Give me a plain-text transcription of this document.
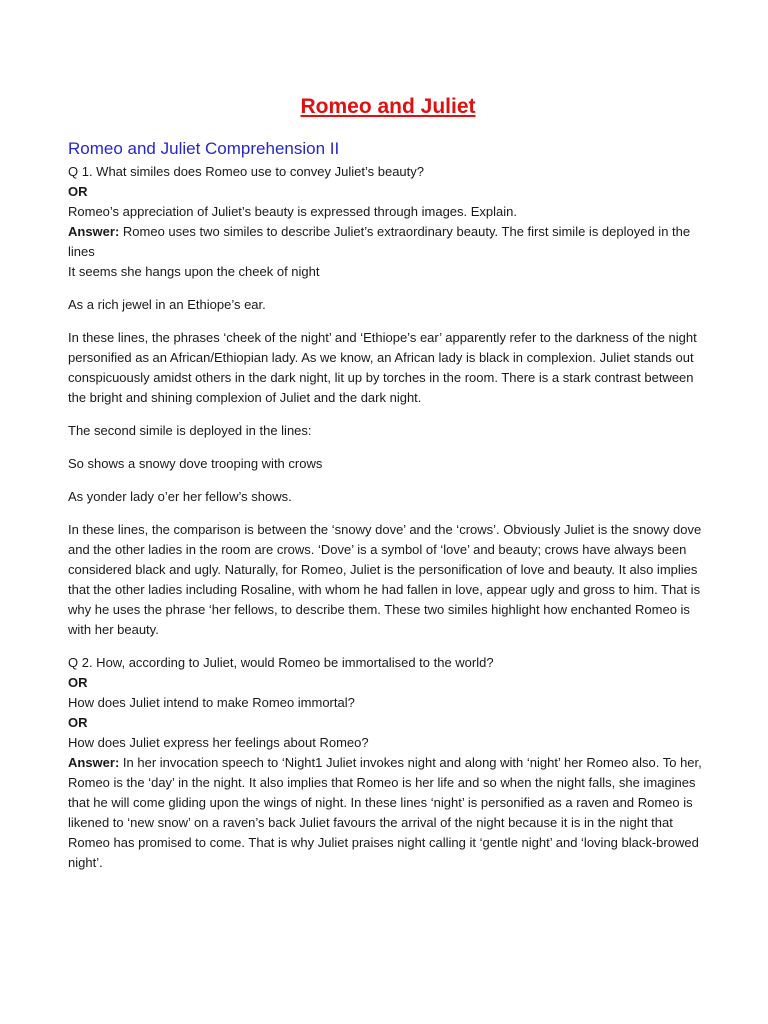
Romeo and Juliet
Romeo and Juliet Comprehension II

Q 1. What similes does Romeo use to convey Juliet’s beauty?

OR

Romeo’s appreciation of Juliet’s beauty is expressed through images. Explain.

Answer: Romeo uses two similes to describe Juliet’s extraordinary beauty. The first simile is deployed in the lines

It seems she hangs upon the cheek of night

As a rich jewel in an Ethiope’s ear.

In these lines, the phrases ‘cheek of the night’ and ‘Ethiope’s ear’ apparently refer to the darkness of the night personified as an African/Ethiopian lady. As we know, an African lady is black in complexion. Juliet stands out conspicuously amidst others in the dark night, lit up by torches in the room. There is a stark contrast between the bright and shining complexion of Juliet and the dark night.

The second simile is deployed in the lines:

So shows a snowy dove trooping with crows

As yonder lady o’er her fellow’s shows.

In these lines, the comparison is between the ‘snowy dove’ and the ‘crows’. Obviously Juliet is the snowy dove and the other ladies in the room are crows. ‘Dove’ is a symbol of ‘love’ and beauty; crows have always been considered black and ugly. Naturally, for Romeo, Juliet is the personification of love and beauty. It also implies that the other ladies including Rosaline, with whom he had fallen in love, appear ugly and gross to him. That is why he uses the phrase ‘her fellows, to describe them. These two similes highlight how enchanted Romeo is with her beauty.

Q 2. How, according to Juliet, would Romeo be immortalised to the world?

OR

How does Juliet intend to make Romeo immortal?

OR

How does Juliet express her feelings about Romeo?

Answer: In her invocation speech to ‘Night1 Juliet invokes night and along with ‘night’ her Romeo also. To her, Romeo is the ‘day’ in the night. It also implies that Romeo is her life and so when the night falls, she imagines that he will come gliding upon the wings of night. In these lines ‘night’ is personified as a raven and Romeo is likened to ‘new snow’ on a raven’s back Juliet favours the arrival of the night because it is in the night that Romeo has promised to come. That is why Juliet praises night calling it ‘gentle night’ and ‘loving black-browed night’.
